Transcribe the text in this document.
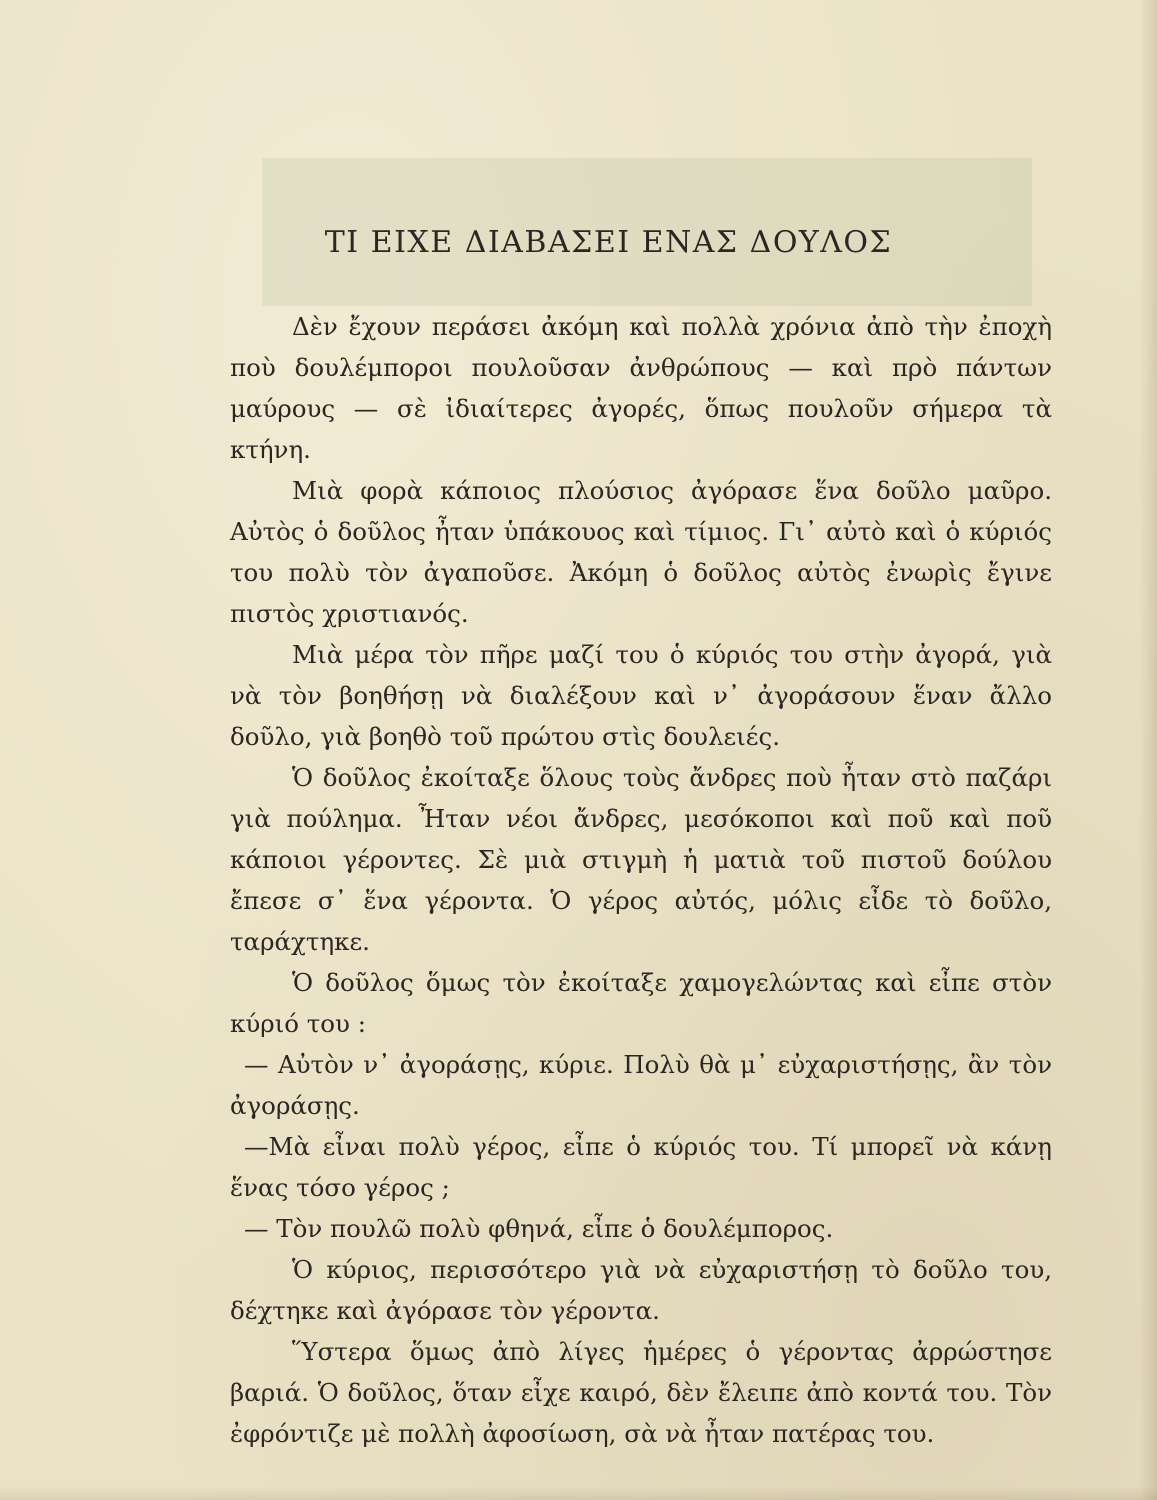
ΤΙ ΕΙΧΕ ΔΙΑΒΑΣΕΙ ΕΝΑΣ ΔΟΥΛΟΣ

Δὲν ἔχουν περάσει ἀκόμη καὶ πολλὰ χρόνια ἀπὸ τὴν ἐποχὴ ποὺ δουλέμποροι πουλοῦσαν ἀνθρώπους — καὶ πρὸ πάντων μαύρους — σὲ ἰδιαίτερες ἀγορές, ὅπως πουλοῦν σήμερα τὰ κτήνη.

Μιὰ φορὰ κάποιος πλούσιος ἀγόρασε ἕνα δοῦλο μαῦρο. Αὐτὸς ὁ δοῦλος ἦταν ὑπάκουος καὶ τίμιος. Γι᾿ αὐτὸ καὶ ὁ κύριός του πολὺ τὸν ἀγαποῦσε. Ἀκόμη ὁ δοῦλος αὐτὸς ἐνωρὶς ἔγινε πιστὸς χριστιανός.

Μιὰ μέρα τὸν πῆρε μαζί του ὁ κύριός του στὴν ἀγορά, γιὰ νὰ τὸν βοηθήσῃ νὰ διαλέξουν καὶ ν᾿ ἀγοράσουν ἕναν ἄλλο δοῦλο, γιὰ βοηθὸ τοῦ πρώτου στὶς δουλειές.

Ὁ δοῦλος ἐκοίταξε ὅλους τοὺς ἄνδρες ποὺ ἦταν στὸ παζάρι γιὰ πούλημα. Ἦταν νέοι ἄνδρες, μεσόκοποι καὶ ποῦ καὶ ποῦ κάποιοι γέροντες. Σὲ μιὰ στιγμὴ ἡ ματιὰ τοῦ πιστοῦ δούλου ἔπεσε σ᾿ ἕνα γέροντα. Ὁ γέρος αὐτός, μόλις εἶδε τὸ δοῦλο, ταράχτηκε.

Ὁ δοῦλος ὅμως τὸν ἐκοίταξε χαμογελώντας καὶ εἶπε στὸν κύριό του :

— Αὐτὸν ν᾿ ἀγοράσῃς, κύριε. Πολὺ θὰ μ᾿ εὐχαριστήσῃς, ἂν τὸν ἀγοράσῃς.

—Μὰ εἶναι πολὺ γέρος, εἶπε ὁ κύριός του. Τί μπορεῖ νὰ κάνῃ ἕνας τόσο γέρος ;

— Τὸν πουλῶ πολὺ φθηνά, εἶπε ὁ δουλέμπορος.

Ὁ κύριος, περισσότερο γιὰ νὰ εὐχαριστήσῃ τὸ δοῦλο του, δέχτηκε καὶ ἀγόρασε τὸν γέροντα.

Ὕστερα ὅμως ἀπὸ λίγες ἡμέρες ὁ γέροντας ἀρρώστησε βαριά. Ὁ δοῦλος, ὅταν εἶχε καιρό, δὲν ἔλειπε ἀπὸ κοντά του. Τὸν ἐφρόντιζε μὲ πολλὴ ἀφοσίωση, σὰ νὰ ἦταν πατέρας του.
